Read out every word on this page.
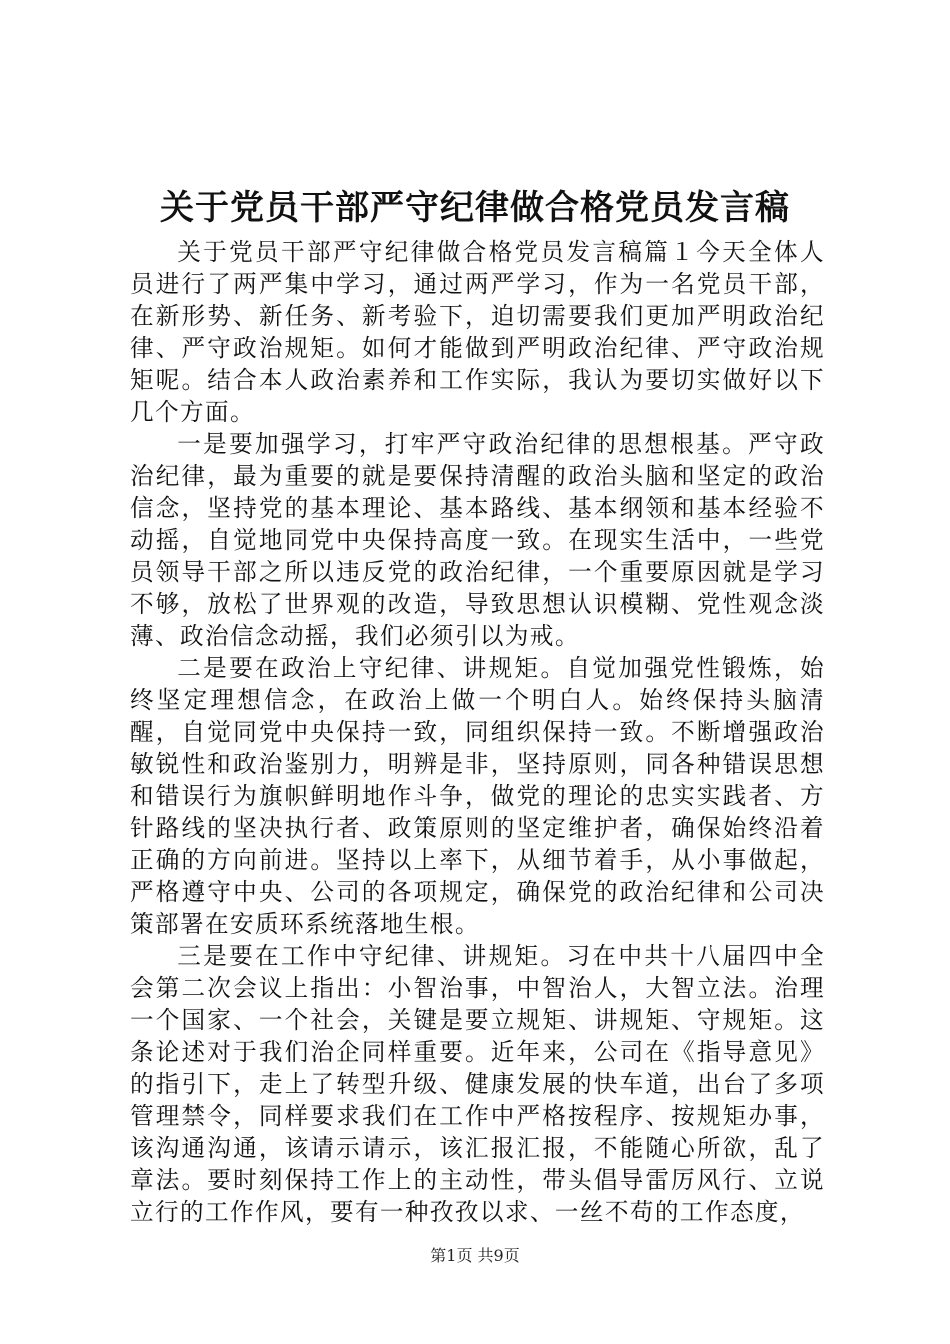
关于党员干部严守纪律做合格党员发言稿

关于党员干部严守纪律做合格党员发言稿篇１今天全体人员进行了两严集中学习，通过两严学习，作为一名党员干部，在新形势、新任务、新考验下，迫切需要我们更加严明政治纪律、严守政治规矩。如何才能做到严明政治纪律、严守政治规矩呢。结合本人政治素养和工作实际，我认为要切实做好以下几个方面。

一是要加强学习，打牢严守政治纪律的思想根基。严守政治纪律，最为重要的就是要保持清醒的政治头脑和坚定的政治信念，坚持党的基本理论、基本路线、基本纲领和基本经验不动摇，自觉地同党中央保持高度一致。在现实生活中，一些党员领导干部之所以违反党的政治纪律，一个重要原因就是学习不够，放松了世界观的改造，导致思想认识模糊、党性观念淡薄、政治信念动摇，我们必须引以为戒。

二是要在政治上守纪律、讲规矩。自觉加强党性锻炼，始终坚定理想信念，在政治上做一个明白人。始终保持头脑清醒，自觉同党中央保持一致，同组织保持一致。不断增强政治敏锐性和政治鉴别力，明辨是非，坚持原则，同各种错误思想和错误行为旗帜鲜明地作斗争，做党的理论的忠实实践者、方针路线的坚决执行者、政策原则的坚定维护者，确保始终沿着正确的方向前进。坚持以上率下，从细节着手，从小事做起，严格遵守中央、公司的各项规定，确保党的政治纪律和公司决策部署在安质环系统落地生根。

三是要在工作中守纪律、讲规矩。习在中共十八届四中全会第二次会议上指出：小智治事，中智治人，大智立法。治理一个国家、一个社会，关键是要立规矩、讲规矩、守规矩。这条论述对于我们治企同样重要。近年来，公司在《指导意见》的指引下，走上了转型升级、健康发展的快车道，出台了多项管理禁令，同样要求我们在工作中严格按程序、按规矩办事，该沟通沟通，该请示请示，该汇报汇报，不能随心所欲，乱了章法。要时刻保持工作上的主动性，带头倡导雷厉风行、立说立行的工作作风，要有一种孜孜以求、一丝不苟的工作态度，

第1页 共9页
